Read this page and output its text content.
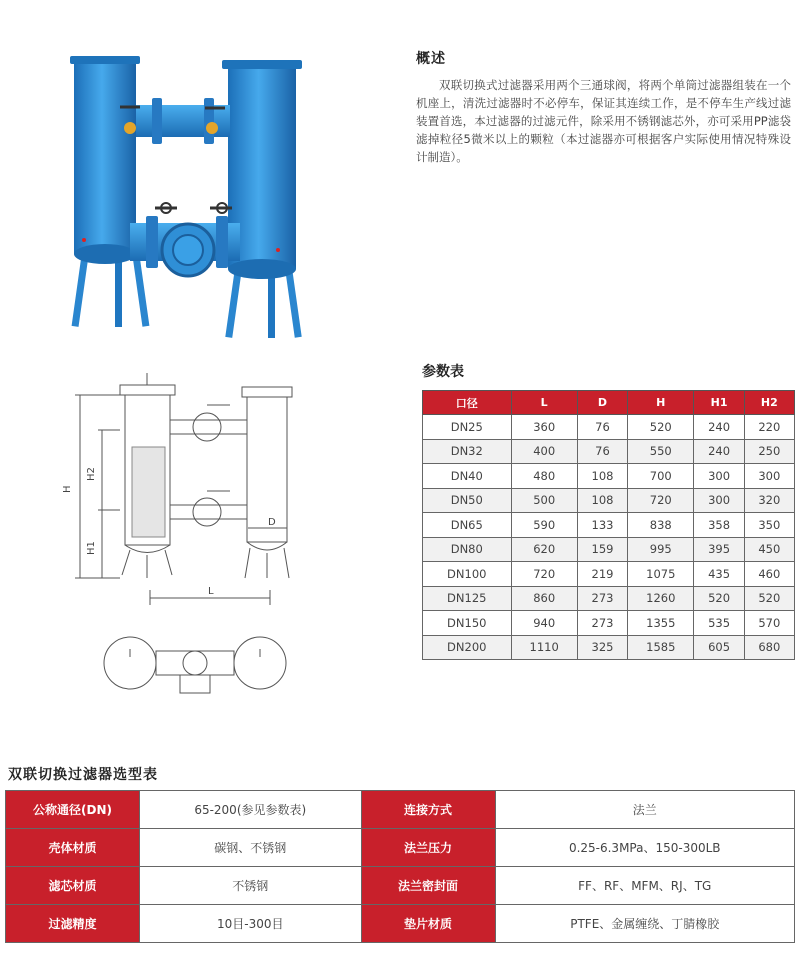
概述
双联切换式过滤器采用两个三通球阀，将两个单筒过滤器组装在一个机座上，清洗过滤器时不必停车，保证其连续工作，是不停车生产线过滤装置首选，本过滤器的过滤元件，除采用不锈钢滤芯外，亦可采用PP滤袋滤掉粒径5微米以上的颗粒（本过滤器亦可根据客户实际使用情况特殊设计制造）。
H
H2
H1
L
D
参数表
口径	L	D	H	H1	H2
DN25	360	76	520	240	220
DN32	400	76	550	240	250
DN40	480	108	700	300	300
DN50	500	108	720	300	320
DN65	590	133	838	358	350
DN80	620	159	995	395	450
DN100	720	219	1075	435	460
DN125	860	273	1260	520	520
DN150	940	273	1355	535	570
DN200	1110	325	1585	605	680
双联切换过滤器选型表
公称通径(DN)	65-200(参见参数表)	连接方式	法兰
壳体材质	碳钢、不锈钢	法兰压力	0.25-6.3MPa、150-300LB
滤芯材质	不锈钢	法兰密封面	FF、RF、MFM、RJ、TG
过滤精度	10目-300目	垫片材质	PTFE、金属缠绕、丁腈橡胶
